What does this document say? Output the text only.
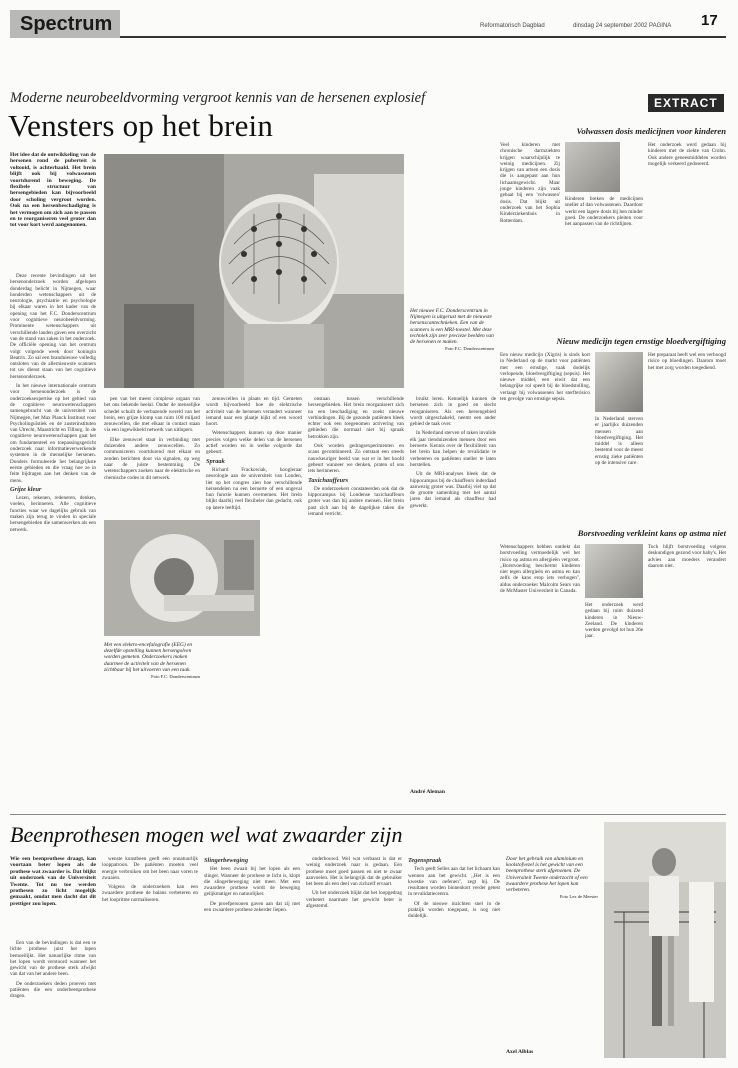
Spectrum	Reformatorisch Dagblad	dinsdag 24 september 2002 PAGINA 17
Moderne neurobeeldvorming vergroot kennis van de hersenen explosief
Vensters op het brein
Het idee dat de ontwikkeling van de hersenen rond de puberteit is voltooid, is achterhaald. Het brein blijft ook bij volwassenen voortdurend in beweging. De flexibele structuur van hersengebieden kan bijvoorbeeld door scholing vergroot worden. Ook na een hersenbeschadiging is het vermogen om zich aan te passen en te reorganiseren veel groter dan tot voor kort werd aangenomen.

Deze recente bevindingen uit het hersenonderzoek worden afgelopen donderdag belicht in Nijmegen, waar honderden wetenschappers uit de neurologie, psychiatrie en psychologie bij elkaar waren in het kader van de opening van het F.C. Donderscentrum voor cognitieve neurobeeldvorming. Prominente wetenschappers uit verschillende landen gaven een overzicht van de stand van zaken in het onderzoek. De officiële opening van het centrum volgt volgende week door koningin Beatrix. Zo sal een brandnieuwe volledig ontsloten van de allernieuwste scanners tot uw dienst staan van het cognitieve hersenonderzoek.

In het nieuwe internationale centrum voor hersenonderzoek is de onderzoeksexpertise op het gebied van de cognitieve neurowetenschappen samengebracht van de universiteit van Nijmegen, het Max Planck Instituut voor Psycholinguïstiek en de zusterinstituten van Utrecht, Maastricht en Tilburg. In de cognitieve neurowetenschappen gaat het om fundamenteel en toepassingsgericht onderzoek naar informatieverwerkende systemen in de menselijke hersenen. Donders formuleerde het belangrijkste eerste gebieden en die vraag hoe ze in feite bijdragen aan het denken van de mens.

Grijze kleur

Lezen, rekenen, redeneren, denken, voelen, herinneren. Alle cognitieve functies waar we dagelijks gebruik van maken zijn terug te vinden in speciale hersengebieden die samenwerken als een netwerk.

Het nieuwe F.C. Donderscentrum in Nijmegen is uitgerust met de nieuwste hersenscantechnieken. Een van de scanners is een MRI-toestel. Met deze techniek zijn zeer precieze beelden van de hersenen te maken.
Foto F.C. Donderscentrum

pen van het meest complexe orgaan van het ons bekende heelal. Onder de menselijke schedel schuilt de verbazende wereld van het brein, een grijze klomp van ruim 100 miljard zenuwcellen, die met elkaar in contact staan via een ingewikkeld netwerk van uitlopers.

Elke zenuwcel staat in verbinding met duizenden andere zenuwcellen. Zo communiceren voortdurend met elkaar en zenden berichten door via signalen, op weg naar de juiste bestemming. De wetenschappers zoeken naar de elektrische en chemische codes in dit netwerk.

zenuwcellen in plaats en tijd. Gemeten wordt bijvoorbeeld hoe de elektrische activiteit van de hersenen verandert wanneer iemand naar een plaatje kijkt of een woord hoort.

Wetenschappers kunnen op deze manier precies volgen welke delen van de hersenen actief worden en in welke volgorde dat gebeurt.

Spraak

Richard Frackowiak, hoogleraar neurologie aan de universiteit van Londen, liet op het congres zien hoe verschillende hersendelen na een beroerte of een ongeval hun functie kunnen overnemen. Het brein blijkt daarbij veel flexibeler dan gedacht, ook op latere leeftijd.

Met een elektro-encefalografie (EEG) en dezelfde opstelling kunnen hersengolven worden gemeten. Onderzoekers maken daarmee de activiteit van de hersenen zichtbaar bij het uitvoeren van een taak.
Foto F.C. Donderscentrum

onstaan tussen verschillende hersengebieden. Het brein reorganiseert zich na een beschadiging en zoekt nieuwe verbindingen. Bij de gezonde patiënten bleek echter ook een toegenomen activering van gebieden die normaal niet bij spraak betrokken zijn.

Ook worden gedragsexperimenten en scans gecombineerd. Zo ontstaat een steeds nauwkeuriger beeld van wat er in het hoofd gebeurt wanneer we denken, praten of ons iets herinneren.

Taxichauffeurs

De onderzoekers constateerden ook dat de hippocampus bij Londense taxichauffeurs groter was dan bij andere mensen. Het brein past zich aan bij de dagelijkse taken die iemand verricht.

bruikt leren. Kennelijk kunnen de hersenen zich in goed en slecht reorganiseren. Als een hersengebied wordt uitgeschakeld, neemt een ander gebied de taak over.

In Nederland sterven of raken invalide elk jaar tienduizenden mensen door een beroerte. Kennis over de flexibiliteit van het brein kan helpen de revalidatie te verbeteren en patiënten sneller te laten herstellen.

Uit de MRI-analyses bleek dat de hippocampus bij de chauffeurs inderdaad aanwezig groter was. Daarbij viel op dat de grootte samenhing met het aantal jaren dat iemand als chauffeur had gewerkt.

André Aleman
EXTRACT
Volwassen dosis medicijnen voor kinderen
Veel kinderen met chronische darmziekten krijgen waarschijnlijk te weinig medicijnen. Zij krijgen van artsen een dosis die is aangepast aan hun lichaamsgewicht. Maar jonge kinderen zijn vaak gebaat bij een 'volwassen' dosis. Dat blijkt uit onderzoek van het Sophia Kinderziekenhuis in Rotterdam.
Kinderen breken de medicijnen sneller af dan volwassenen. Daardoor werkt een lagere dosis bij hen minder goed. De onderzoekers pleiten voor het aanpassen van de richtlijnen.
Het onderzoek werd gedaan bij kinderen met de ziekte van Crohn. Ook andere geneesmiddelen worden mogelijk verkeerd gedoseerd.
Nieuw medicijn tegen ernstige bloedvergiftiging
Een nieuw medicijn (Xigris) is sinds kort in Nederland op de markt voor patiënten met een ernstige, vaak dodelijk verlopende, bloedvergiftiging (sepsis). Het nieuwe middel, een eiwit dat een belangrijke rol speelt bij de bloedstolling, verlaagt bij volwassenen het sterfterisico ten gevolge van ernstige sepsis.
In Nederland sterven er jaarlijks duizenden mensen aan bloedvergiftiging. Het middel is alleen bestemd voor de meest ernstig zieke patiënten op de intensive care.
Het preparaat heeft wel een verhoogd risico op bloedingen. Daarom moet het met zorg worden toegediend.
Borstvoeding verkleint kans op astma niet
Wetenschappers hebben ontdekt dat borstvoeding vermoedelijk wel het risico op astma en allergieën vergroot. ,,Borstvoeding beschermt kinderen niet tegen allergieën en astma en kan zelfs de kans erop iets verhogen'', aldus onderzoeker Malcolm Sears van de McMaster Universiteit in Canada.
Het onderzoek werd gedaan bij ruim duizend kinderen in Nieuw-Zeeland. De kinderen werden gevolgd tot hun 26e jaar.
Toch blijft borstvoeding volgens deskundigen gezond voor baby's. Het advies aan moeders verandert daarom niet.
Beenprothesen mogen wel wat zwaarder zijn
Wie een beenprothese draagt, kan voortaan beter lopen als de prothese wat zwaarder is. Dat blijkt uit onderzoek van de Universiteit Twente. Tot nu toe werden prothesen zo licht mogelijk gemaakt, omdat men dacht dat dit prettiger zou lopen.

Een van de bevindingen is dat een te lichte prothese juist het lopen bemoeilijkt. Het natuurlijke ritme van het lopen wordt verstoord wanneer het gewicht van de prothese sterk afwijkt van dat van het andere been.

De onderzoekers deden proeven met patiënten die een onderbeenprothese dragen.

wenste kunstbeen geeft een onnatuurlijk looppatroon. De patiënten moeten veel energie verbruiken om het been naar voren te zwaaien.

Volgens de onderzoekers kan een zwaardere prothese de balans verbeteren en het loopritme normaliseren.

Slingerbeweging

Het been zwaait bij het lopen als een slinger. Wanneer de prothese te licht is, klopt die slingerbeweging niet meer. Met een zwaardere prothese wordt de beweging gelijkmatiger en natuurlijker.

De proefpersonen gaven aan dat zij met een zwaardere prothese zekerder liepen.

onderbouwd. Wel wat verbaast is dat er weinig onderzoek naar is gedaan. Een prothese moet goed passen en niet te zwaar aanvoelen. Het is belangrijk dat de gebruiker het been als een deel van zichzelf ervaart.

Uit het onderzoek blijkt dat het loopgedrag verbetert naarmate het gewicht beter is afgestemd.

Tegenspraak

Tech geeft Selles aan dat het lichaam kan wennen aan het gewicht. ,,Het is een kwestie van oefenen'', zegt hij. De resultaten worden binnenkort verder getest in revalidatiecentra.

Of de nieuwe inzichten snel in de praktijk worden toegepast, is nog niet duidelijk.

Door het gebruik van aluminium en koolstofvezel is het gewicht van een beenprothese sterk afgenomen. De Universiteit Twente onderzocht of een zwaardere prothese het lopen kan verbeteren.
Foto Lex de Meester
Axel Alblas
